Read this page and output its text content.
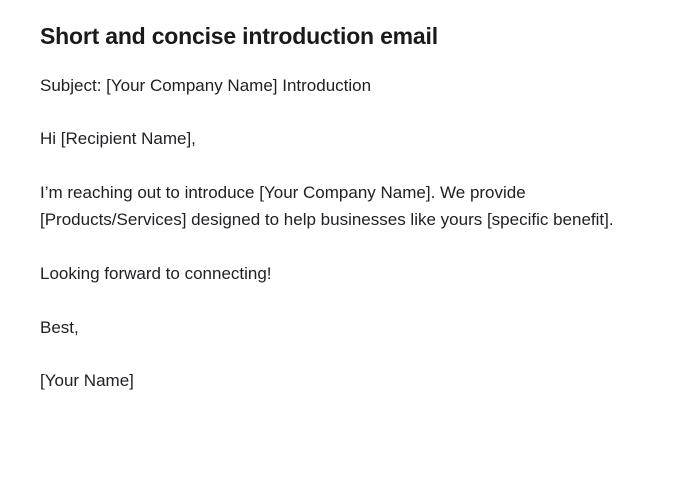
Short and concise introduction email

Subject: [Your Company Name] Introduction

Hi [Recipient Name],

I’m reaching out to introduce [Your Company Name]. We provide [Products/Services] designed to help businesses like yours [specific benefit].

Looking forward to connecting!

Best,

[Your Name]
